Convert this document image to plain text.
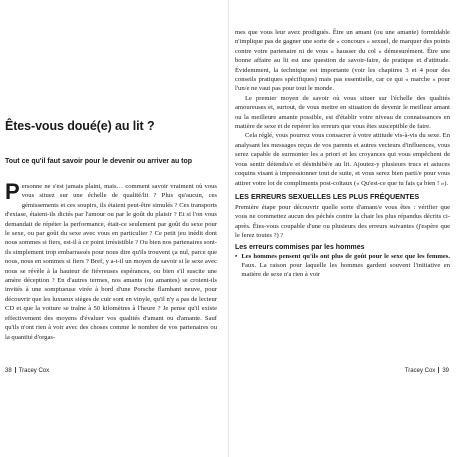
Êtes-vous doué(e) au lit ?
Tout ce qu'il faut savoir pour le devenir ou arriver au top

Personne ne s'est jamais plaint, mais… comment savoir vraiment où vous vous situez sur une échelle de qualité/lit ? Plus qu'aucun, ces gémissements et ces soupirs, ils étaient peut-être simulés ? Ces transports d'extase, étaient-ils dictés par l'amour ou par le goût du plaisir ? Et si l'on vous demandait de répéter la performance, était-ce seulement par goût du sexe pour le sexe, ou par goût du sexe avec vous en particulier ? Ce petit jeu inédit dont nous sommes si fiers, est-il à ce point irrésistible ? Ou bien nos partenaires sont-ils simplement trop embarrassés pour nous dire qu'ils trouvent ça nul, parce que nous, nous en sommes si fiers ? Bref, y a-t-il un moyen de savoir si le sexe avec nous se révèle à la hauteur de fiévreuses espérances, ou bien s'il suscite une amère déception ? En d'autres termes, nos amants (ou amantes) se croient-ils invités à une somptueuse virée à bord d'une Porsche flambant neuve, pour découvrir que les luxueux sièges de cuir sont en vinyle, qu'il n'y a pas de lecteur CD et que la voiture se traîne à 50 kilomètres à l'heure ? Je pense qu'il existe effectivement des moyens d'évaluer vos qualités d'amant ou d'amante. Sauf qu'ils n'ont rien à voir avec des choses comme le nombre de vos partenaires ou la quantité d'orgas-

38 Tracey Cox

mes que vous leur avez prodigués. Être un amant (ou une amante) formidable n'implique pas de gagner une sorte de « concours » sexuel, de marquer des points contre votre partenaire ni de vous « hausser du col » démesurément. Être une bonne affaire au lit est une question de savoir-faire, de pratique et d'attitude. Évidemment, la technique est importante (voir les chapitres 3 et 4 pour des conseils pratiques spécifiques) mais pas essentielle, car ce qui « marche » pour l'un/e ne vaut pas pour tout le monde.

Le premier moyen de savoir où vous situer sur l'échelle des qualités amoureuses et, surtout, de vous mettre en situation de devenir le meilleur amant ou la meilleure amante possible, est d'établir votre niveau de connaissances en matière de sexe et de repérer les erreurs que vous êtes susceptible de faire.

Cela réglé, vous pourrez vous consacrer à votre attitude vis-à-vis du sexe. En analysant les messages reçus de vos parents et autres vecteurs d'influences, vous serez capable de surmonter les a priori et les croyances qui vous empêchent de vous sentir détendu/e et désinhibé/e au lit. Ajoutez-y plusieurs trucs et astuces coquins visant à impressionner tout de suite, et vous serez bien parti/e pour vous attirer votre lot de compliments post-coïtaux (« Qu'est-ce que tu fais ça bien ! »).

LES ERREURS SEXUELLES LES PLUS FRÉQUENTES

Première étape pour découvrir quelle sorte d'amant/e vous êtes : vérifier que vous ne commettez aucun des péchés contre la chair les plus répandus décrits ci-après. Êtes-vous coupable d'une ou plusieurs des erreurs suivantes (j'espère que le ferez toutes ?) ?

Les erreurs commises par les hommes
• Les hommes pensent qu'ils ont plus de goût pour le sexe que les femmes. Faux. La raison pour laquelle les hommes gardent souvent l'initiative en matière de sexe n'a rien à voir
Tracey Cox 39
